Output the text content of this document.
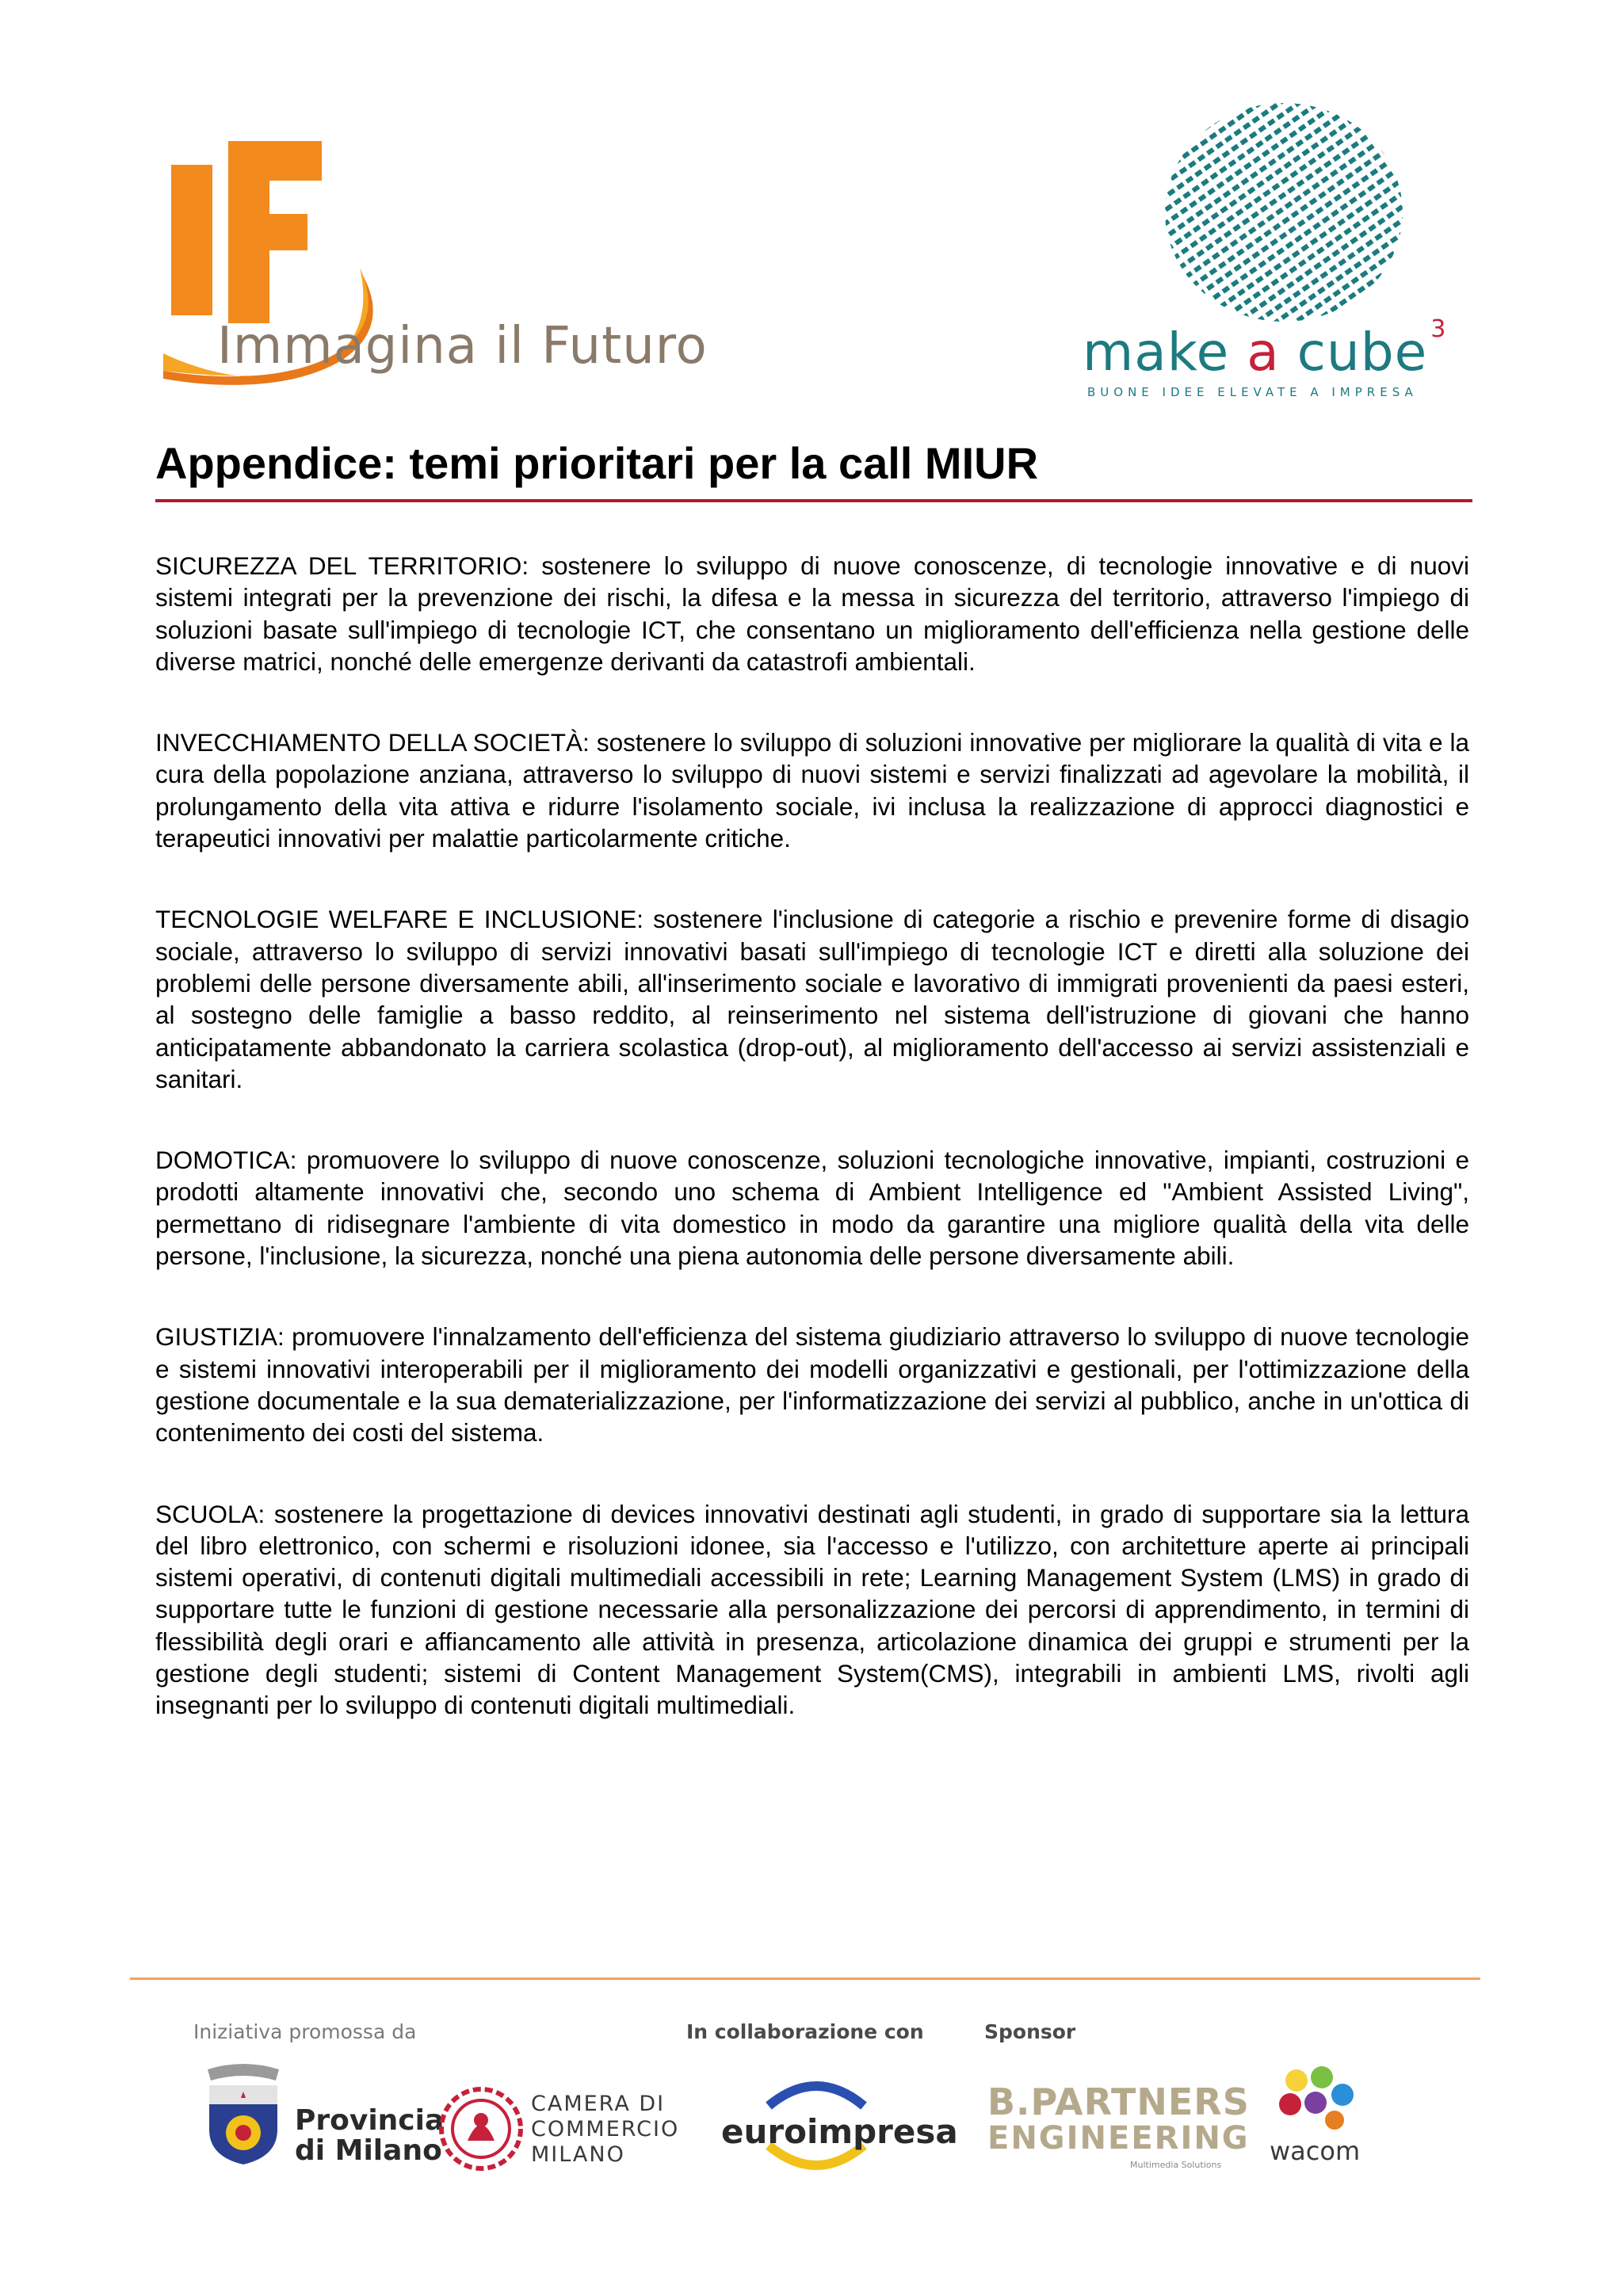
Immagina il Futuro	make a cube $^3$
BUONE IDEE ELEVATE A IMPRESA
Appendice: temi prioritari per la call MIUR

SICUREZZA DEL TERRITORIO: sostenere lo sviluppo di nuove conoscenze, di tecnologie innovative e di nuovi sistemi integrati per la prevenzione dei rischi, la difesa e la messa in sicurezza del territorio, attraverso l'impiego di soluzioni basate sull'impiego di tecnologie ICT, che consentano un miglioramento dell'efficienza nella gestione delle diverse matrici, nonché delle emergenze derivanti da catastrofi ambientali.

INVECCHIAMENTO DELLA SOCIETÀ: sostenere lo sviluppo di soluzioni innovative per migliorare la qualità di vita e la cura della popolazione anziana, attraverso lo sviluppo di nuovi sistemi e servizi finalizzati ad agevolare la mobilità, il prolungamento della vita attiva e ridurre l'isolamento sociale, ivi inclusa la realizzazione di approcci diagnostici e terapeutici innovativi per malattie particolarmente critiche.

TECNOLOGIE WELFARE E INCLUSIONE: sostenere l'inclusione di categorie a rischio e prevenire forme di disagio sociale, attraverso lo sviluppo di servizi innovativi basati sull'impiego di tecnologie ICT e diretti alla soluzione dei problemi delle persone diversamente abili, all'inserimento sociale e lavorativo di immigrati provenienti da paesi esteri, al sostegno delle famiglie a basso reddito, al reinserimento nel sistema dell'istruzione di giovani che hanno anticipatamente abbandonato la carriera scolastica (drop-out), al miglioramento dell'accesso ai servizi assistenziali e sanitari.

DOMOTICA: promuovere lo sviluppo di nuove conoscenze, soluzioni tecnologiche innovative, impianti, costruzioni e prodotti altamente innovativi che, secondo uno schema di Ambient Intelligence ed "Ambient Assisted Living", permettano di ridisegnare l'ambiente di vita domestico in modo da garantire una migliore qualità della vita delle persone, l'inclusione, la sicurezza, nonché una piena autonomia delle persone diversamente abili.

GIUSTIZIA: promuovere l'innalzamento dell'efficienza del sistema giudiziario attraverso lo sviluppo di nuove tecnologie e sistemi innovativi interoperabili per il miglioramento dei modelli organizzativi e gestionali, per l'ottimizzazione della gestione documentale e la sua dematerializzazione, per l'informatizzazione dei servizi al pubblico, anche in un'ottica di contenimento dei costi del sistema.

SCUOLA: sostenere la progettazione di devices innovativi destinati agli studenti, in grado di supportare sia la lettura del libro elettronico, con schermi e risoluzioni idonee, sia l'accesso e l'utilizzo, con architetture aperte ai principali sistemi operativi, di contenuti digitali multimediali accessibili in rete; Learning Management System (LMS) in grado di supportare tutte le funzioni di gestione necessarie alla personalizzazione dei percorsi di apprendimento, in termini di flessibilità degli orari e affiancamento alle attività in presenza, articolazione dinamica dei gruppi e strumenti per la gestione degli studenti; sistemi di Content Management System(CMS), integrabili in ambienti LMS, rivolti agli insegnanti per lo sviluppo di contenuti digitali multimediali.

Iniziativa promossa da	In collaborazione con	Sponsor
Provincia
di Milano
CAMERA DI
COMMERCIO
MILANO
euroimpresa
B.PARTNERS
ENGINEERING
Multimedia Solutions wacom
